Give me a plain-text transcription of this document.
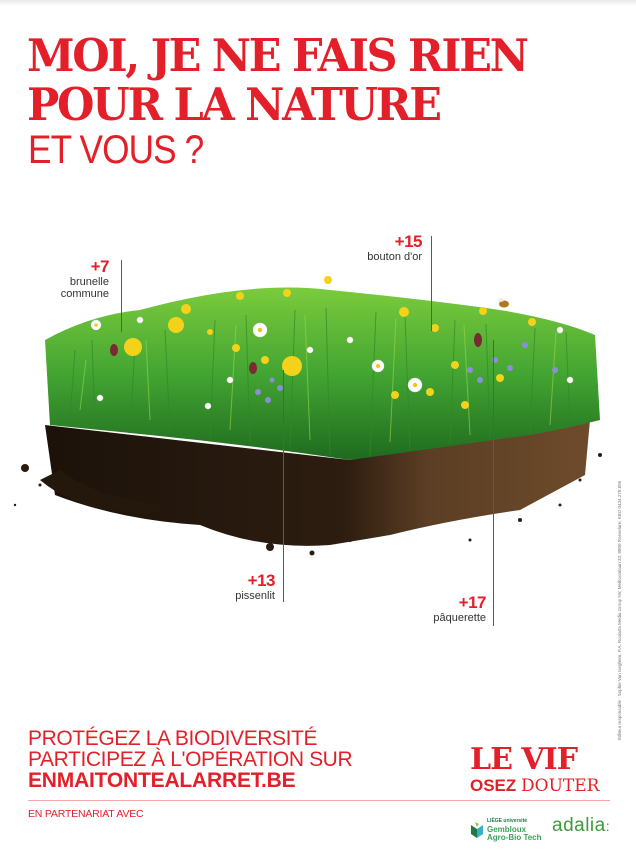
MOI, JE NE FAIS RIEN
POUR LA NATURE
ET VOUS ?
+7
brunelle
commune
+15
bouton d'or
+13
pissenlit	+17
pâquerette	Éditeur responsable : Sophie Van Iseghem, P.A. Roularta Media Group NV, Meiboomlaan 33, 8800 Roeselare, KBO 0434.278.896
PROTÉGEZ LA BIODIVERSITÉ
PARTICIPEZ À L'OPÉRATION SUR
ENMAITONTEALARRET.BE
LE VIF
OSEZ DOUTER
EN PARTENARIAT AVEC
LIÈGE université
Gembloux
Agro-Bio Tech
adalia:
